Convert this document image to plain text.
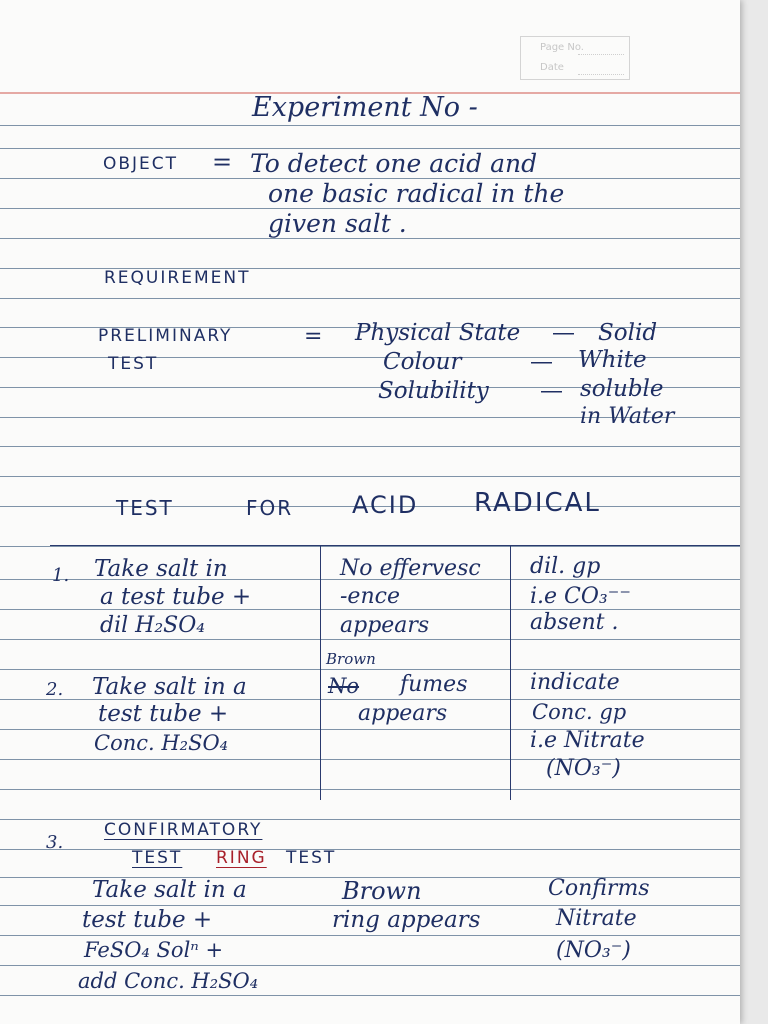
Page No.
Date
Experiment No -
OBJECT = To detect one acid and
one basic radical in the
given salt .
REQUIREMENT
PRELIMINARY
TEST
= Physical State — Solid
Colour	— White
Solubility — soluble
in Water
TEST	FOR ACID RADICAL
1. Take salt in
a test tube +
dil H₂SO₄
No effervesc
-ence
appears
dil. gp
i.e CO₃⁻⁻
absent .
2. Take salt in a
test tube +
Conc. H₂SO₄
Brown
No fumes
appears
indicate
Conc. gp
i.e Nitrate
(NO₃⁻)
3.
CONFIRMATORY
TEST RING TEST
Take salt in a
test tube +
FeSO₄ Solⁿ +
add Conc. H₂SO₄
Brown
ring appears
Confirms
Nitrate
(NO₃⁻)
